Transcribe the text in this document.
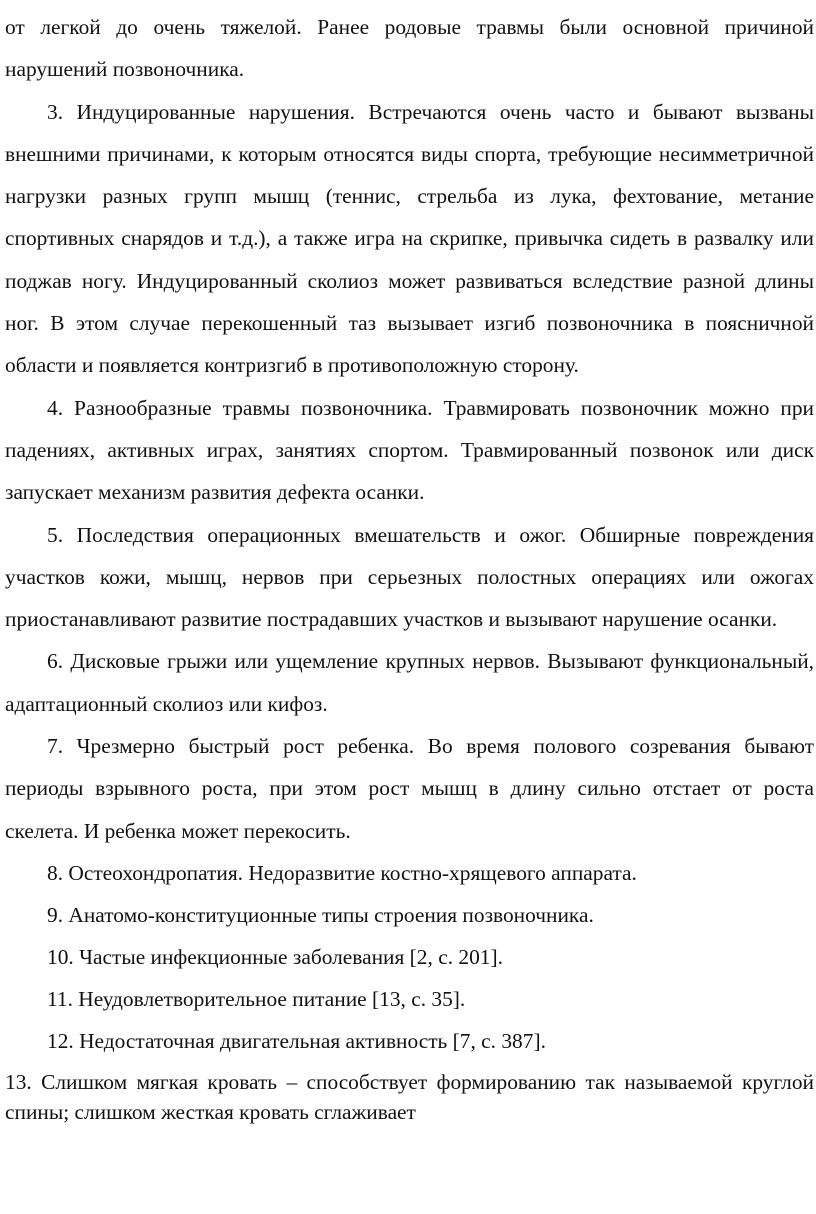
от легкой до очень тяжелой. Ранее родовые травмы были основной причиной нарушений позвоночника.

3. Индуцированные нарушения. Встречаются очень часто и бывают вызваны внешними причинами, к которым относятся виды спорта, требующие несимметричной нагрузки разных групп мышц (теннис, стрельба из лука, фехтование, метание спортивных снарядов и т.д.), а также игра на скрипке, привычка сидеть в развалку или поджав ногу. Индуцированный сколиоз может развиваться вследствие разной длины ног. В этом случае перекошенный таз вызывает изгиб позвоночника в поясничной области и появляется контризгиб в противоположную сторону.

4. Разнообразные травмы позвоночника. Травмировать позвоночник можно при падениях, активных играх, занятиях спортом. Травмированный позвонок или диск запускает механизм развития дефекта осанки.

5. Последствия операционных вмешательств и ожог. Обширные повреждения участков кожи, мышц, нервов при серьезных полостных операциях или ожогах приостанавливают развитие пострадавших участков и вызывают нарушение осанки.

6. Дисковые грыжи или ущемление крупных нервов. Вызывают функциональный, адаптационный сколиоз или кифоз.

7. Чрезмерно быстрый рост ребенка. Во время полового созревания бывают периоды взрывного роста, при этом рост мышц в длину сильно отстает от роста скелета. И ребенка может перекосить.

8. Остеохондропатия. Недоразвитие костно-хрящевого аппарата.

9. Анатомо-конституционные типы строения позвоночника.

10. Частые инфекционные заболевания [2, с. 201].

11. Неудовлетворительное питание [13, с. 35].

12. Недостаточная двигательная активность [7, с. 387].

13. Слишком мягкая кровать – способствует формированию так называемой круглой спины; слишком жесткая кровать сглаживает
